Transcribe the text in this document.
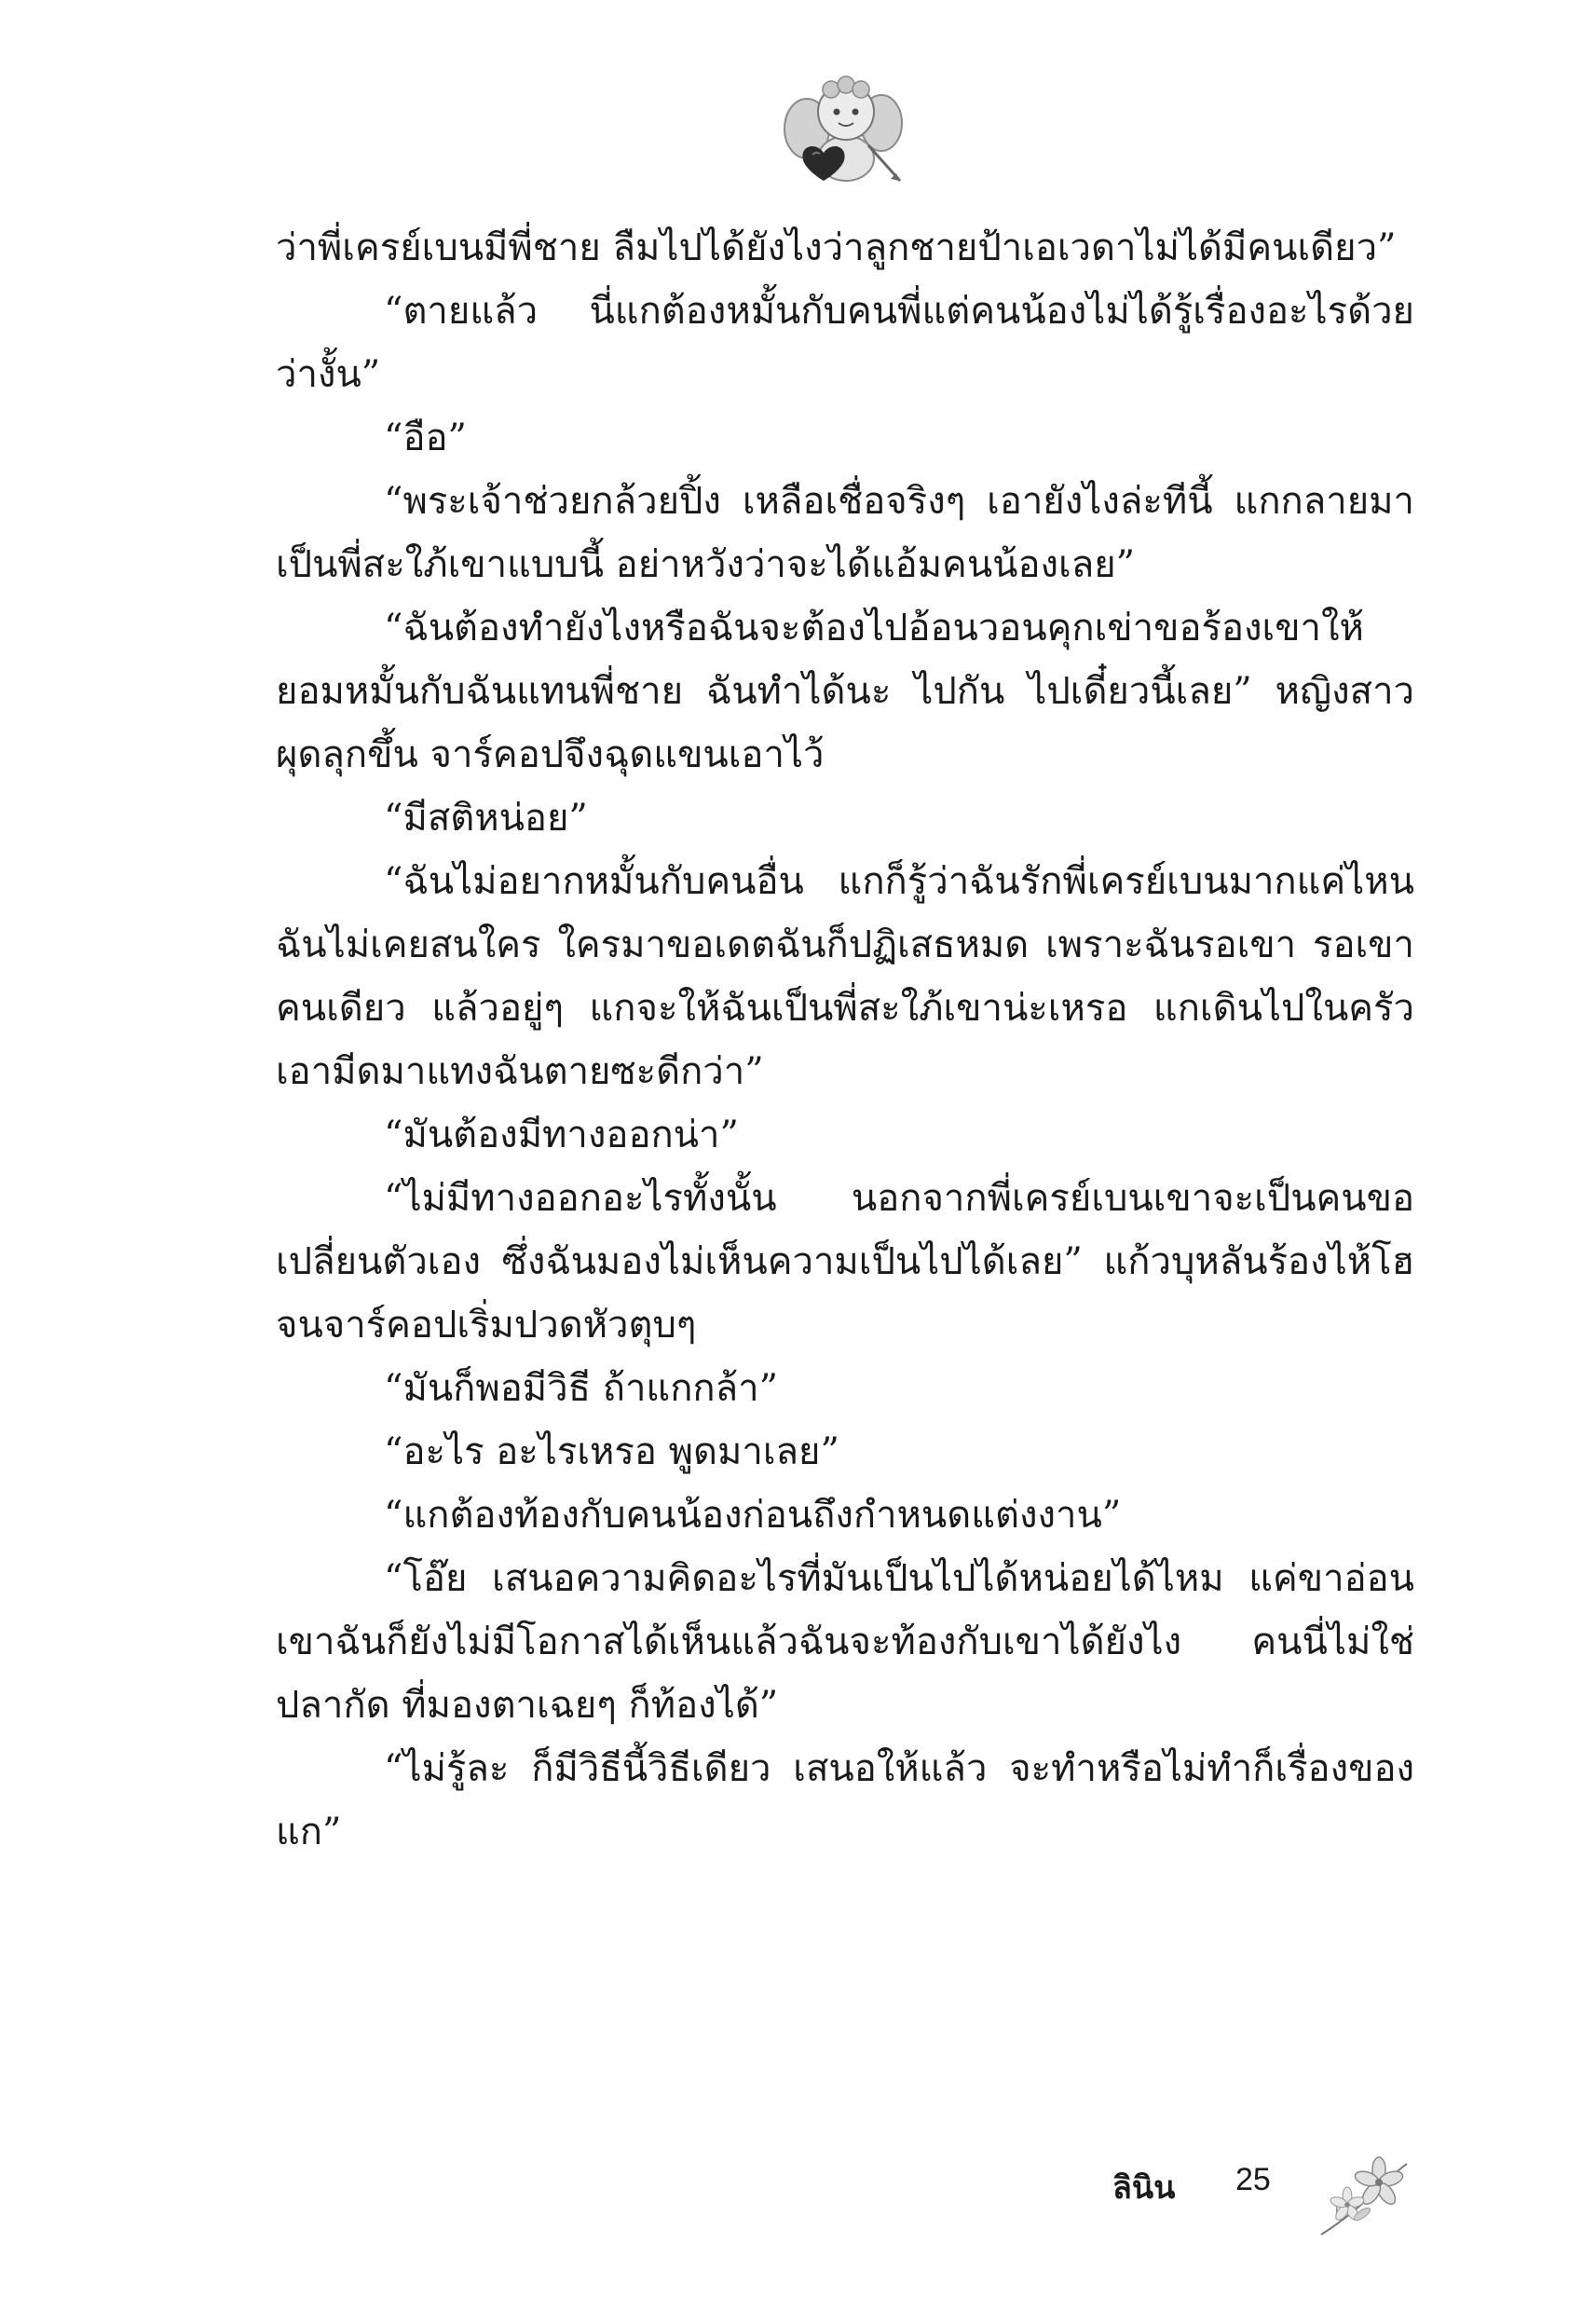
ว่าพี่เครย์เบนมีพี่ชาย ลืมไปได้ยังไงว่าลูกชายป้าเอเวดาไม่ได้มีคนเดียว”

“ตายแล้ว นี่แกต้องหมั้นกับคนพี่แต่คนน้องไม่ได้รู้เรื่องอะไรด้วยว่างั้น”

“อือ”

“พระเจ้าช่วยกล้วยปิ้ง เหลือเชื่อจริงๆ เอายังไงล่ะทีนี้ แกกลายมาเป็นพี่สะใภ้เขาแบบนี้ อย่าหวังว่าจะได้แอ้มคนน้องเลย”

“ฉันต้องทำยังไงหรือฉันจะต้องไปอ้อนวอนคุกเข่าขอร้องเขาให้ยอมหมั้นกับฉันแทนพี่ชาย ฉันทำได้นะ ไปกัน ไปเดี๋ยวนี้เลย” หญิงสาวผุดลุกขึ้น จาร์คอปจึงฉุดแขนเอาไว้

“มีสติหน่อย”

“ฉันไม่อยากหมั้นกับคนอื่น แกก็รู้ว่าฉันรักพี่เครย์เบนมากแค่ไหน ฉันไม่เคยสนใคร ใครมาขอเดตฉันก็ปฏิเสธหมด เพราะฉันรอเขา รอเขาคนเดียว แล้วอยู่ๆ แกจะให้ฉันเป็นพี่สะใภ้เขาน่ะเหรอ แกเดินไปในครัวเอามีดมาแทงฉันตายซะดีกว่า”

“มันต้องมีทางออกน่า”

“ไม่มีทางออกอะไรทั้งนั้น นอกจากพี่เครย์เบนเขาจะเป็นคนขอเปลี่ยนตัวเอง ซึ่งฉันมองไม่เห็นความเป็นไปได้เลย” แก้วบุหลันร้องไห้โฮจนจาร์คอปเริ่มปวดหัวตุบๆ

“มันก็พอมีวิธี ถ้าแกกล้า”

“อะไร อะไรเหรอ พูดมาเลย”

“แกต้องท้องกับคนน้องก่อนถึงกำหนดแต่งงาน”

“โอ๊ย เสนอความคิดอะไรที่มันเป็นไปได้หน่อยได้ไหม แค่ขาอ่อนเขาฉันก็ยังไม่มีโอกาสได้เห็นแล้วฉันจะท้องกับเขาได้ยังไง คนนี่ไม่ใช่ปลากัด ที่มองตาเฉยๆ ก็ท้องได้”

“ไม่รู้ละ ก็มีวิธีนี้วิธีเดียว เสนอให้แล้ว จะทำหรือไม่ทำก็เรื่องของแก”

ลินิน 25
